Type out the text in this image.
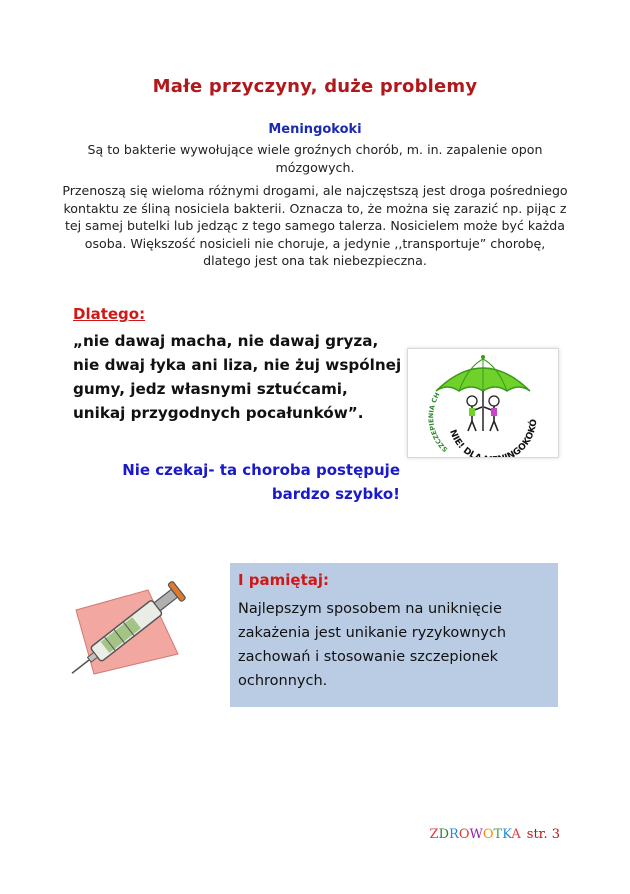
Małe przyczyny, duże problemy
Meningokoki

Są to bakterie wywołujące wiele groźnych chorób, m. in. zapalenie opon mózgowych.

Przenoszą się wieloma różnymi drogami, ale najczęstszą jest droga pośredniego kontaktu ze śliną nosiciela bakterii. Oznacza to, że można się zarazić np. pijąc z tej samej butelki lub jedząc z tego samego talerza. Nosicielem może być każda osoba. Większość nosicieli nie choruje, a jedynie ,,transportuje” chorobę, dlatego jest ona tak niebezpieczna.

Dlatego:

„nie dawaj macha, nie dawaj gryza, nie dwaj łyka ani liza, nie żuj wspólnej gumy, jedz własnymi sztućcami, unikaj przygodnych pocałunków”.

Nie czekaj- ta choroba postępuje
bardzo szybko!
SZCZEPIENIA CH
NIE! DL NGOKOKÓ
I pamiętaj:

Najlepszym sposobem na uniknięcie zakażenia jest unikanie ryzykownych zachowań i stosowanie szczepionek ochronnych.

ZDROWOTKA str. 3
